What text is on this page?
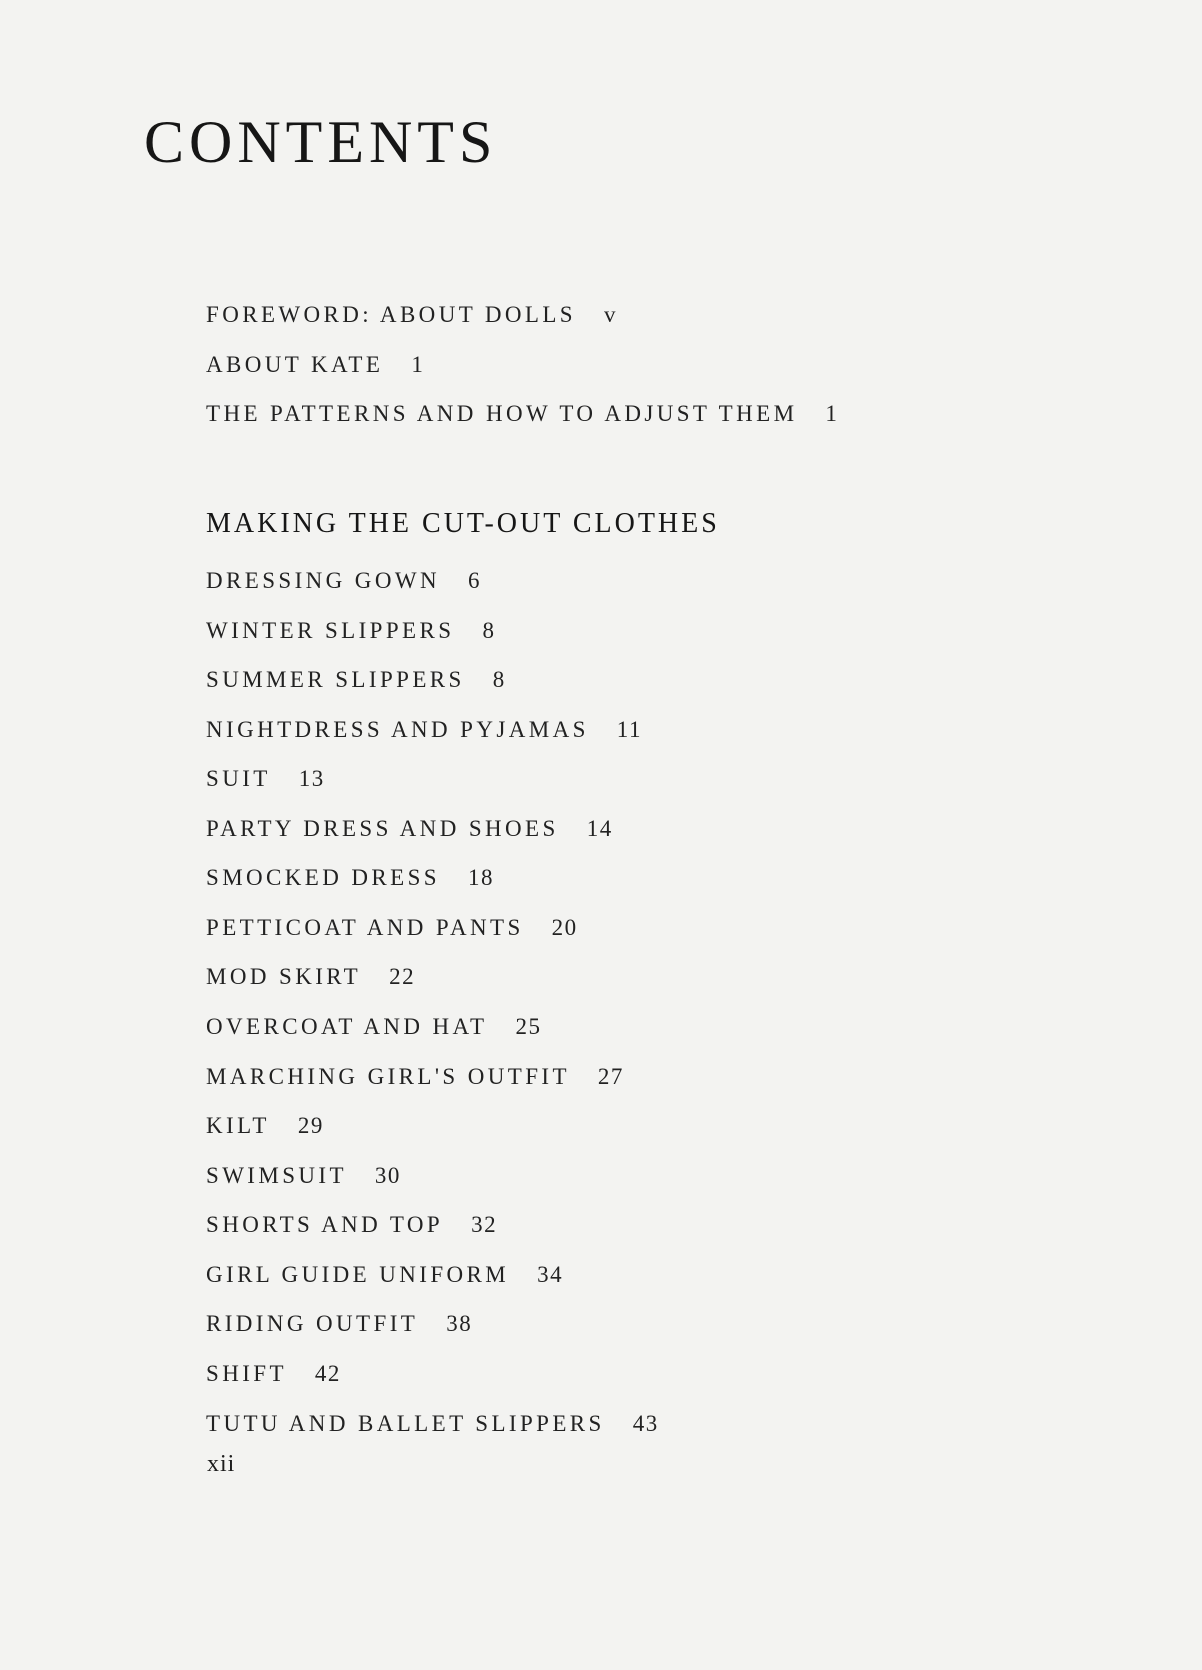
CONTENTS
FOREWORD: ABOUT DOLLS v
ABOUT KATE 1
THE PATTERNS AND HOW TO ADJUST THEM 1
MAKING THE CUT-OUT CLOTHES
DRESSING GOWN 6
WINTER SLIPPERS 8
SUMMER SLIPPERS 8
NIGHTDRESS AND PYJAMAS 11
SUIT 13
PARTY DRESS AND SHOES 14
SMOCKED DRESS 18
PETTICOAT AND PANTS 20
MOD SKIRT 22
OVERCOAT AND HAT 25
MARCHING GIRL'S OUTFIT 27
KILT 29
SWIMSUIT 30
SHORTS AND TOP 32
GIRL GUIDE UNIFORM 34
RIDING OUTFIT 38
SHIFT 42
TUTU AND BALLET SLIPPERS 43
xii
